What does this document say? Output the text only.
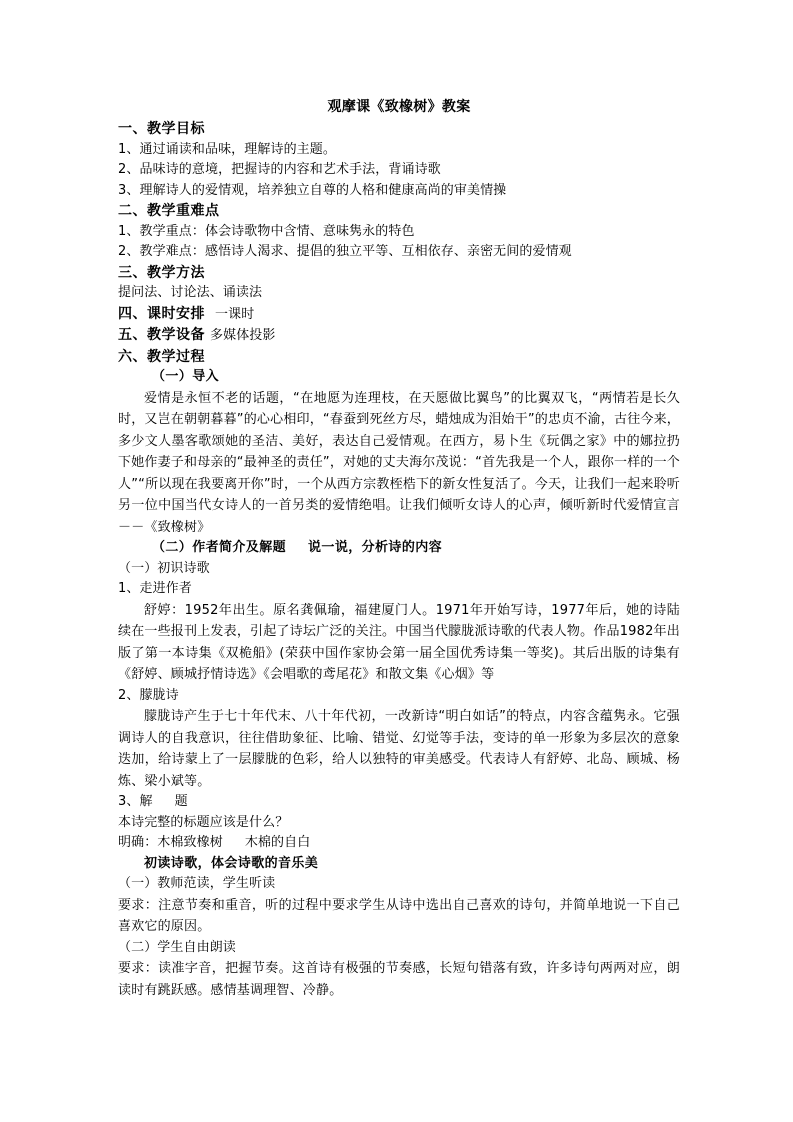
观摩课《致橡树》教案
一、教学目标
1、通过诵读和品味，理解诗的主题。
2、品味诗的意境，把握诗的内容和艺术手法，背诵诗歌
3、理解诗人的爱情观，培养独立自尊的人格和健康高尚的审美情操
二、教学重难点
1、教学重点：体会诗歌物中含情、意味隽永的特色
2、教学难点：感悟诗人渴求、提倡的独立平等、互相依存、亲密无间的爱情观
三、教学方法
提问法、讨论法、诵读法
四、课时安排 一课时
五、教学设备 多媒体投影
六、教学过程
（一）导入
爱情是永恒不老的话题，“在地愿为连理枝，在天愿做比翼鸟”的比翼双飞，“两情若是长久时，又岂在朝朝暮暮”的心心相印，“春蚕到死丝方尽，蜡烛成为泪始干”的忠贞不渝，古往今来，多少文人墨客歌颂她的圣洁、美好，表达自己爱情观。在西方，易卜生《玩偶之家》中的娜拉扔下她作妻子和母亲的“最神圣的责任”，对她的丈夫海尔茂说：“首先我是一个人，跟你一样的一个人”“所以现在我要离开你”时，一个从西方宗教桎梏下的新女性复活了。今天，让我们一起来聆听另一位中国当代女诗人的一首另类的爱情绝唱。让我们倾听女诗人的心声，倾听新时代爱情宣言－－《致橡树》
（二）作者简介及解题 说一说，分析诗的内容
（一）初识诗歌
1、走进作者
舒婷：1952年出生。原名龚佩瑜，福建厦门人。1971年开始写诗，1977年后，她的诗陆续在一些报刊上发表，引起了诗坛广泛的关注。中国当代朦胧派诗歌的代表人物。作品1982年出版了第一本诗集《双桅船》(荣获中国作家协会第一届全国优秀诗集一等奖)。其后出版的诗集有《舒婷、顾城抒情诗选》《会唱歌的鸢尾花》和散文集《心烟》等
2、朦胧诗
朦胧诗产生于七十年代末、八十年代初，一改新诗“明白如话”的特点，内容含蕴隽永。它强调诗人的自我意识，往往借助象征、比喻、错觉、幻觉等手法，变诗的单一形象为多层次的意象迭加，给诗蒙上了一层朦胧的色彩，给人以独特的审美感受。代表诗人有舒婷、北岛、顾城、杨炼、梁小斌等。
3、解 题
本诗完整的标题应该是什么？
明确：木棉致橡树 木棉的自白
初读诗歌，体会诗歌的音乐美
（一）教师范读，学生听读
要求：注意节奏和重音，听的过程中要求学生从诗中选出自己喜欢的诗句，并简单地说一下自己喜欢它的原因。
（二）学生自由朗读
要求：读准字音，把握节奏。这首诗有极强的节奏感，长短句错落有致，许多诗句两两对应，朗读时有跳跃感。感情基调理智、冷静。
